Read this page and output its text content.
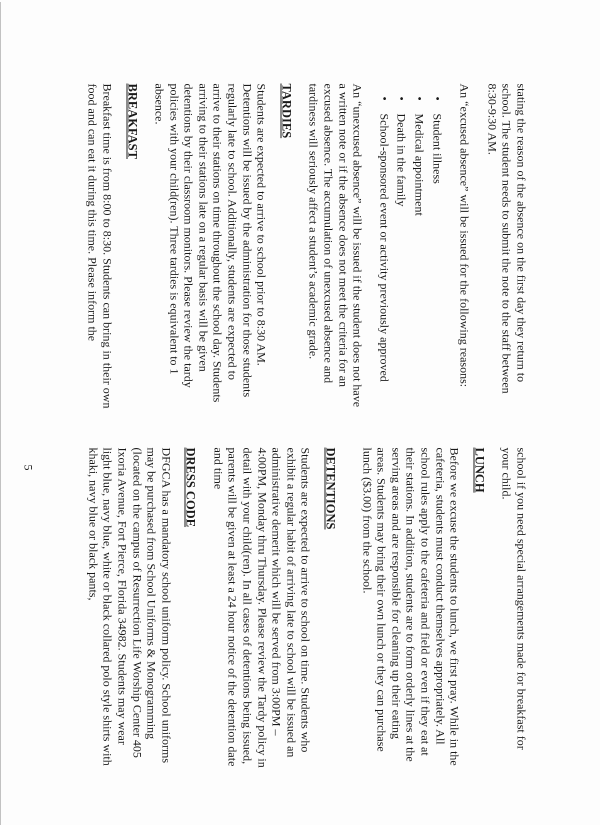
stating the reason of the absence on the first day they return to school. The student needs to submit the note to the staff between 8:30-9:30 AM.

An “excused absence” will be issued for the following reasons:

• Student illness
• Medical appointment
• Death in the family
• School-sponsored event or activity previously approved

An “unexcused absence” will be issued if the student does not have a written note or if the absence does not meet the criteria for an excused absence. The accumulation of unexcused absence and tardiness will seriously affect a student’s academic grade.

TARDIES

Students are expected to arrive to school prior to 8:30 AM. Detentions will be issued by the administration for those students regularly late to school. Additionally, students are expected to arrive to their stations on time throughout the school day. Students arriving to their stations late on a regular basis will be given detentions by their classroom monitors. Please review the tardy policies with your child(ren). Three tardies is equivalent to 1 absence.

BREAKFAST

Breakfast time is from 8:00 to 8:30. Students can bring in their own food and can eat it during this time. Please inform the

school if you need special arrangements made for breakfast for your child.

LUNCH

Before we excuse the students to lunch, we first pray. While in the cafeteria, students must conduct themselves appropriately. All school rules apply to the cafeteria and field or even if they eat at their stations. In addition, students are to form orderly lines at the serving areas and are responsible for cleaning up their eating areas. Students may bring their own lunch or they can purchase lunch ($3.00) from the school.

DETENTIONS

Students are expected to arrive to school on time. Students who exhibit a regular habit of arriving late to school will be issued an administrative demerit which will be served from 3:00PM – 4:00PM, Monday thru Thursday. Please review the Tardy policy in detail with your child(ren). In all cases of detentions being issued, parents will be given at least a 24 hour notice of the detention date and time

DRESS CODE

DFGCA has a mandatory school uniform policy. School uniforms may be purchased from School Uniforms & Monogramming (located on the campus of Resurrection Life Worship Center 405 Ixoria Avenue, Fort Pierce, Florida 34982. Students may wear light blue, navy blue, white or black collared polo style shirts with khaki, navy blue or black pants,

5
